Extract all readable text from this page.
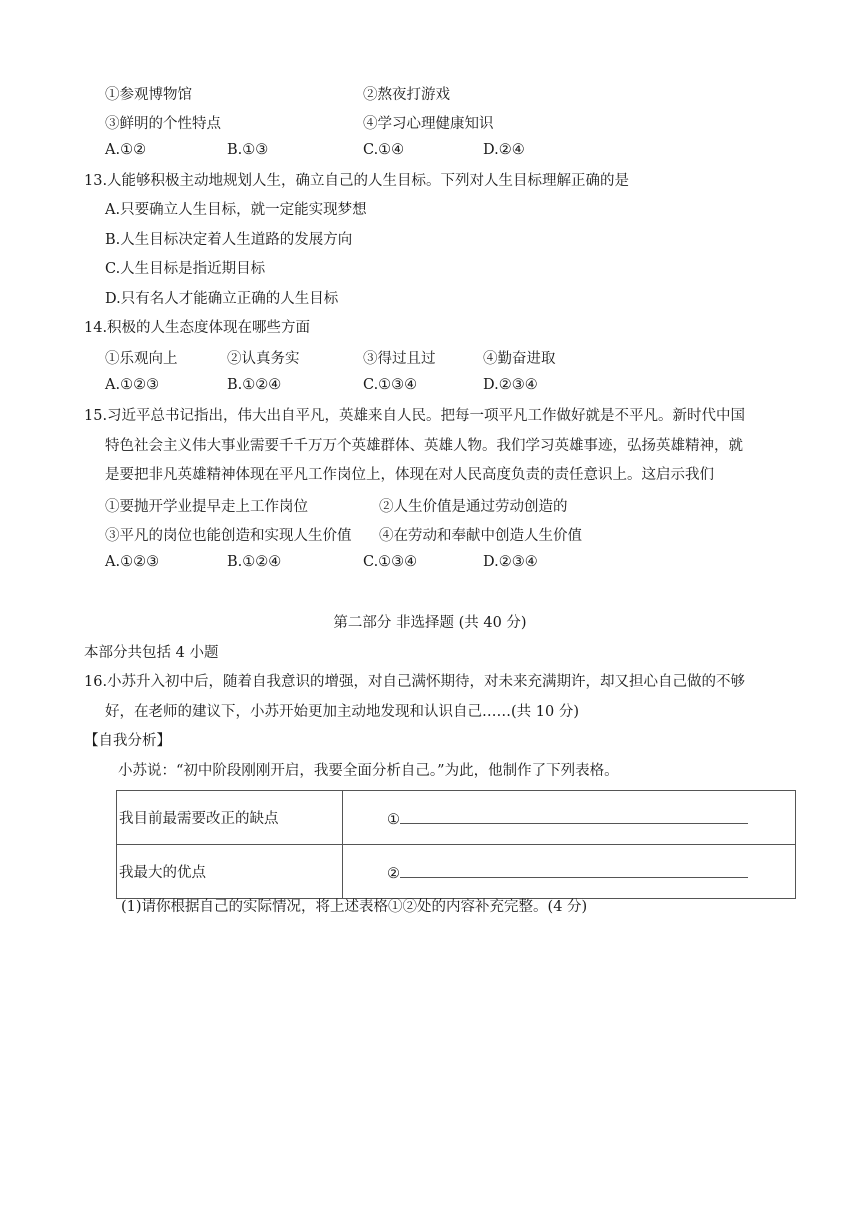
①参观博物馆	②熬夜打游戏
③鲜明的个性特点	④学习心理健康知识
A.①②	B.①③	C.①④	D.②④
13.人能够积极主动地规划人生，确立自己的人生目标。下列对人生目标理解正确的是
A.只要确立人生目标，就一定能实现梦想
B.人生目标决定着人生道路的发展方向
C.人生目标是指近期目标
D.只有名人才能确立正确的人生目标
14.积极的人生态度体现在哪些方面
①乐观向上	②认真务实	③得过且过	④勤奋进取
A.①②③	B.①②④	C.①③④	D.②③④
15.习近平总书记指出，伟大出自平凡，英雄来自人民。把每一项平凡工作做好就是不平凡。新时代中国
特色社会主义伟大事业需要千千万万个英雄群体、英雄人物。我们学习英雄事迹，弘扬英雄精神，就
是要把非凡英雄精神体现在平凡工作岗位上，体现在对人民高度负责的责任意识上。这启示我们
①要抛开学业提早走上工作岗位	②人生价值是通过劳动创造的
③平凡的岗位也能创造和实现人生价值 ④在劳动和奉献中创造人生价值
A.①②③	B.①②④	C.①③④	D.②③④
第二部分 非选择题 (共 40 分)
本部分共包括 4 小题
16.小苏升入初中后，随着自我意识的增强，对自己满怀期待，对未来充满期许，却又担心自己做的不够
好，在老师的建议下，小苏开始更加主动地发现和认识自己……(共 10 分)
【自我分析】
小苏说：“初中阶段刚刚开启，我要全面分析自己。”为此，他制作了下列表格。
我目前最需要改正的缺点	①
我最大的优点	②
(1)请你根据自己的实际情况，将上述表格①②处的内容补充完整。(4 分)
